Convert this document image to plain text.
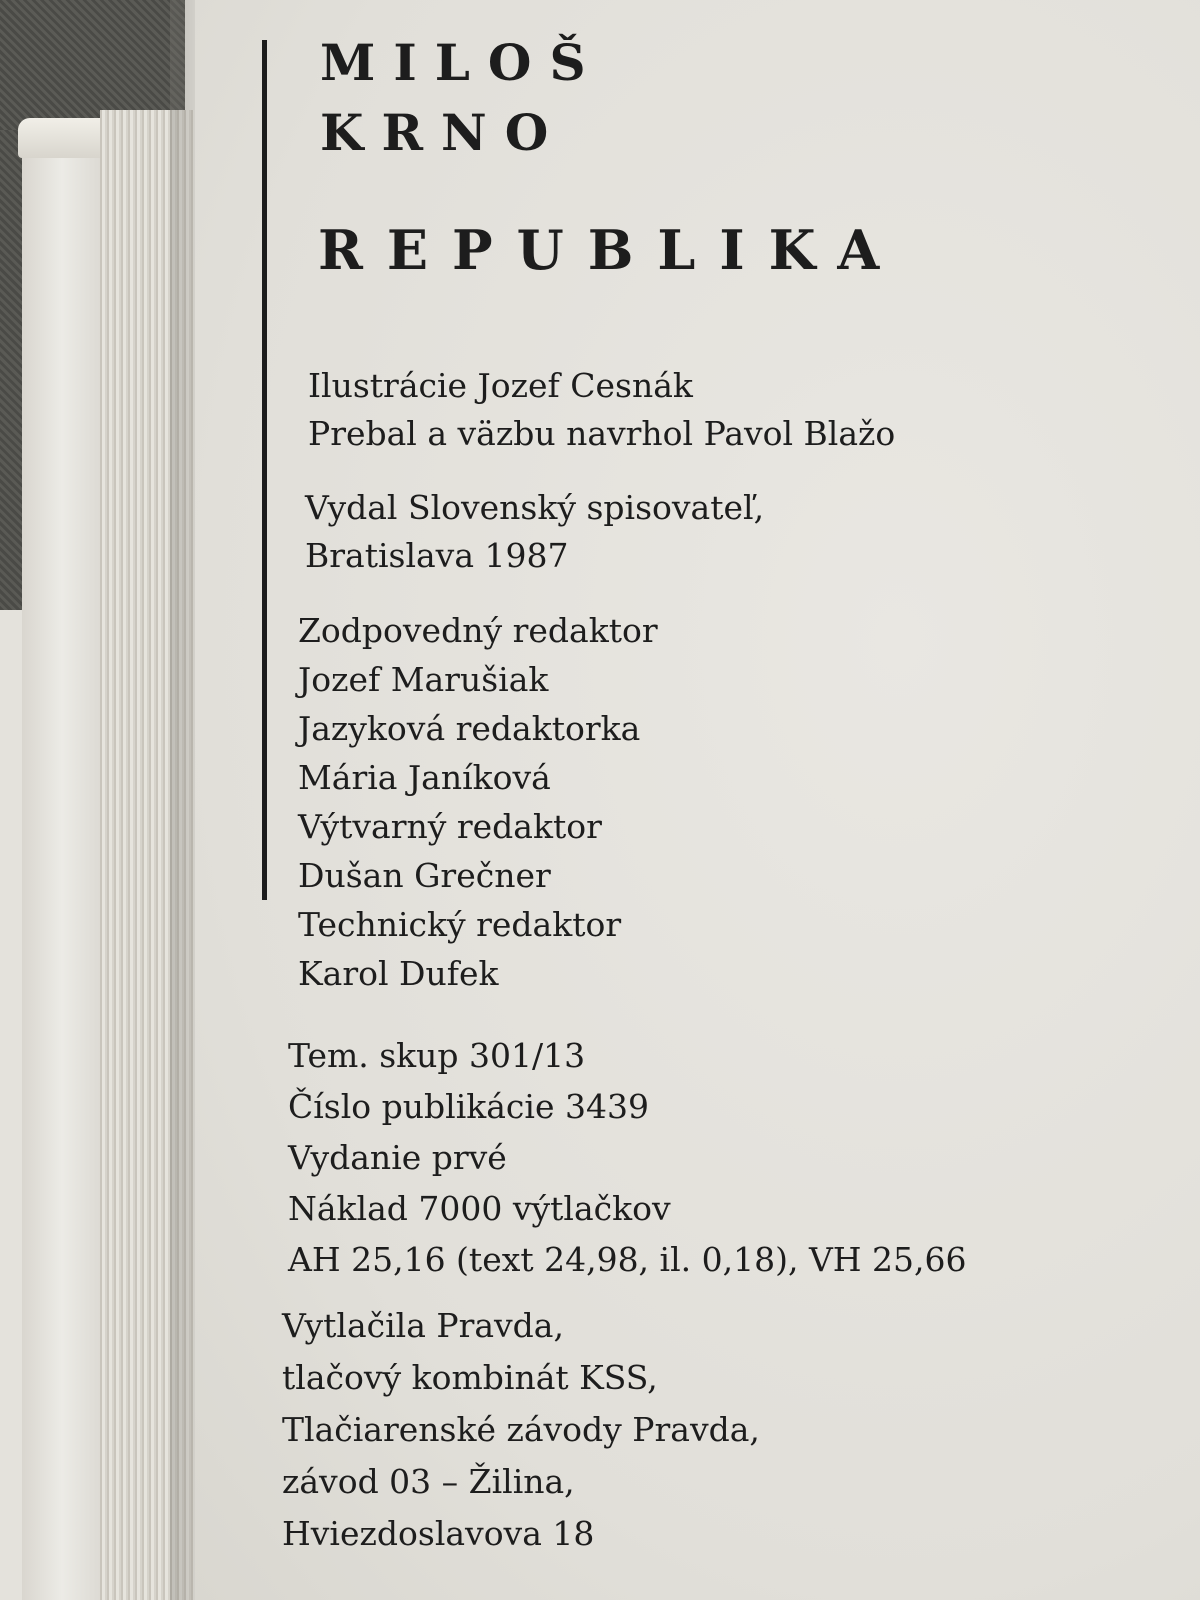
MILOŠ
KRNO
REPUBLIKA
Ilustrácie Jozef Cesnák
Prebal a väzbu navrhol Pavol Blažo
Vydal Slovenský spisovateľ,
Bratislava 1987
Zodpovedný redaktor
Jozef Marušiak
Jazyková redaktorka
Mária Janíková
Výtvarný redaktor
Dušan Grečner
Technický redaktor
Karol Dufek
Tem. skup 301/13
Číslo publikácie 3439
Vydanie prvé
Náklad 7000 výtlačkov
AH 25,16 (text 24,98, il. 0,18), VH 25,66
Vytlačila Pravda,
tlačový kombinát KSS,
Tlačiarenské závody Pravda,
závod 03 – Žilina,
Hviezdoslavova 18
